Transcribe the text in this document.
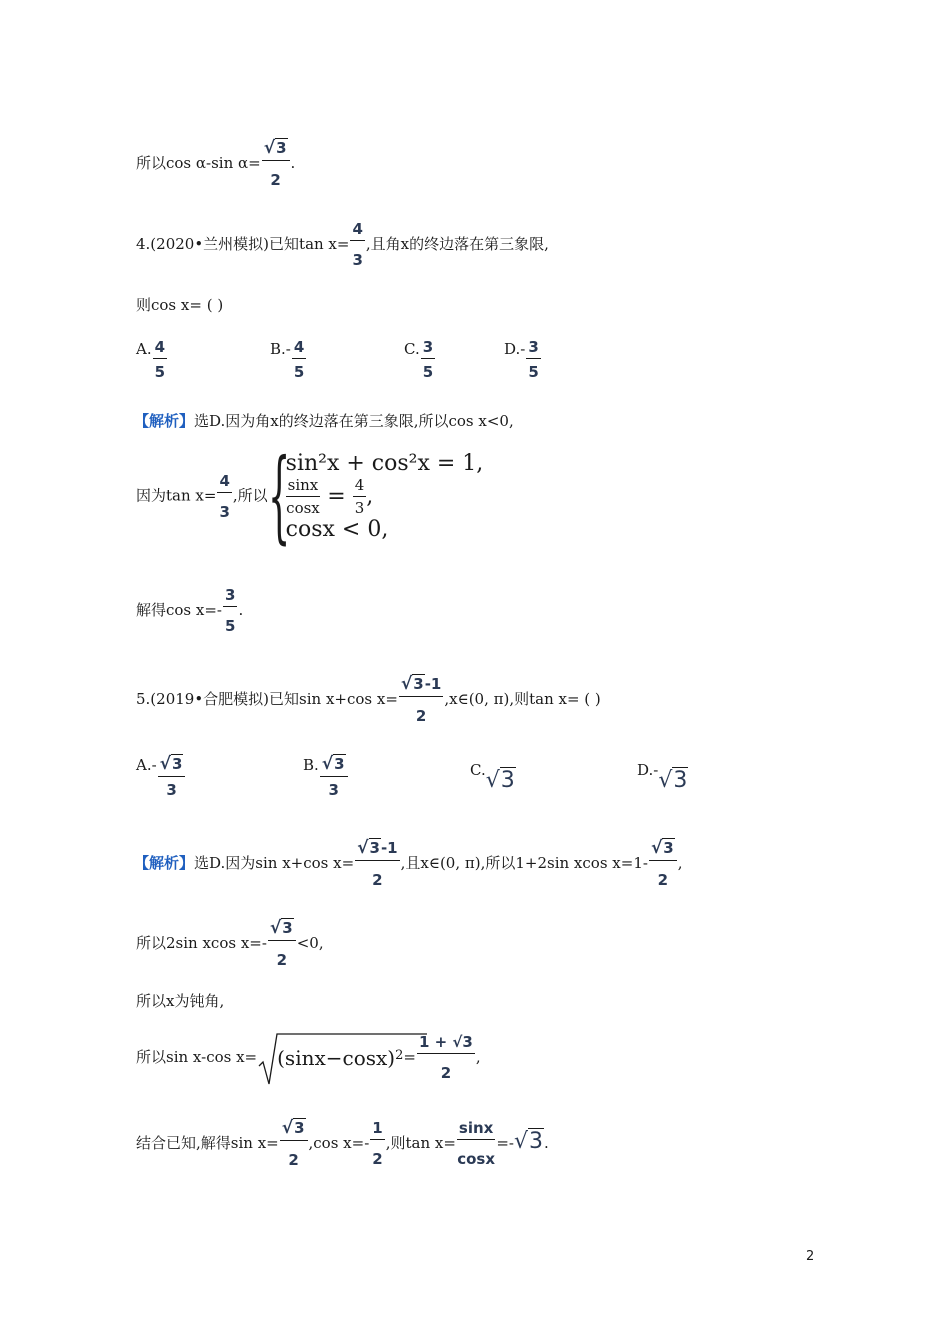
所以cos α-sin $\alpha= \frac{√3}{2}$ .
4.(2020•兰州模拟)已知$\tan x= \frac{4}{3}$ ,且角x的终边落在第三象限,
则cos x= ( )
A. $\frac{4}{5}$	$B.- \frac{4}{5}$	C. $\frac{3}{5}$	$D.- \frac{3}{5}$
【解析】选D.因为角x的终边落在第三象限,所以cos x<0,
因为$\tan x= \frac{4}{3}$ ,所以 {
sin²x + cos²x = 1,
$\frac{\sin x}{\cos x} = \frac{4}{3}$ ,
cosx < 0,
解得$\cos x=- \frac{3}{5}$ .
5.(2019•合肥模拟)已知sin x+cos $x= \frac{√3-1}{2}$ ,x∈(0, π),则tan x= ( )
$A.- \frac{√3}{3}$	B. $\frac{√3}{3}$	C.√3	D.-√3
【解析】选D.因为sin x+cos $x= \frac{√3-1}{2}$ ,且x∈(0, π),所以1+2sin xcos $x=1- \frac{√3}{2}$ ,
所以2sin xcos $x=- \frac{√3}{2} <0$,
所以x为钝角,
所以sin x-cos $x= (\sin x-\cos x)^2= \frac{1 + √3}{2}$ ,
结合已知,解得$\sin x= \frac{√3}{2} ,\cos$ $x=- \frac{1}{2}$ ,则$\tan x= \frac{\sin x}{\cos x} =-√3$.
2
